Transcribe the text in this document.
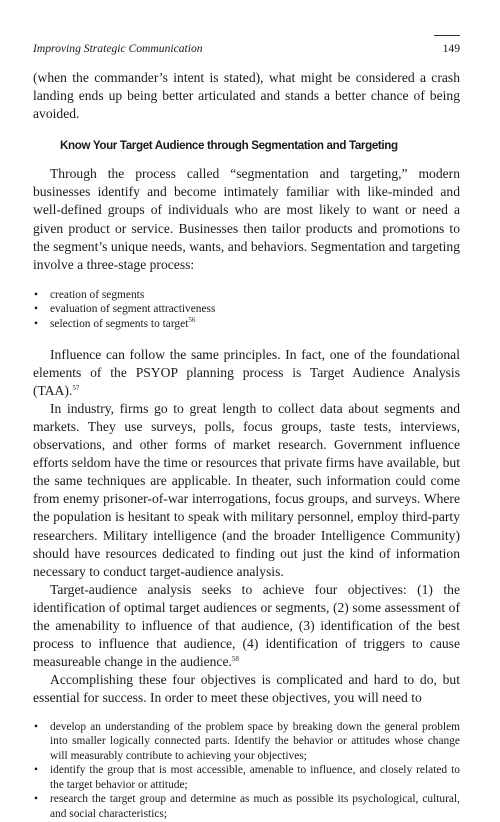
Improving Strategic Communication	149

(when the commander’s intent is stated), what might be considered a crash landing ends up being better articulated and stands a better chance of being avoided.

Know Your Target Audience through Segmentation and Targeting

Through the process called “segmentation and targeting,” modern businesses identify and become intimately familiar with like-minded and well-defined groups of individuals who are most likely to want or need a given product or service. Businesses then tailor products and promotions to the segment’s unique needs, wants, and behaviors. Segmentation and targeting involve a three-stage process:

• creation of segments
• evaluation of segment attractiveness
• selection of segments to target$^{56}$

Influence can follow the same principles. In fact, one of the foundational elements of the PSYOP planning process is Target Audience Analysis (TAA).$^{57}$

In industry, firms go to great length to collect data about segments and markets. They use surveys, polls, focus groups, taste tests, interviews, observations, and other forms of market research. Government influence efforts seldom have the time or resources that private firms have available, but the same techniques are applicable. In theater, such information could come from enemy prisoner-of-war interrogations, focus groups, and surveys. Where the population is hesitant to speak with military personnel, employ third-party researchers. Military intelligence (and the broader Intelligence Community) should have resources dedicated to finding out just the kind of information necessary to conduct target-audience analysis.

Target-audience analysis seeks to achieve four objectives: (1) the identification of optimal target audiences or segments, (2) some assessment of the amenability to influence of that audience, (3) identification of the best process to influence that audience, (4) identification of triggers to cause measureable change in the audience.$^{58}$

Accomplishing these four objectives is complicated and hard to do, but essential for success. In order to meet these objectives, you will need to

• develop an understanding of the problem space by breaking down the general problem into smaller logically connected parts. Identify the behavior or attitudes whose change will measurably contribute to achieving your objectives;
• identify the group that is most accessible, amenable to influence, and closely related to the target behavior or attitude;
• research the target group and determine as much as possible its psychological, cultural, and social characteristics;
